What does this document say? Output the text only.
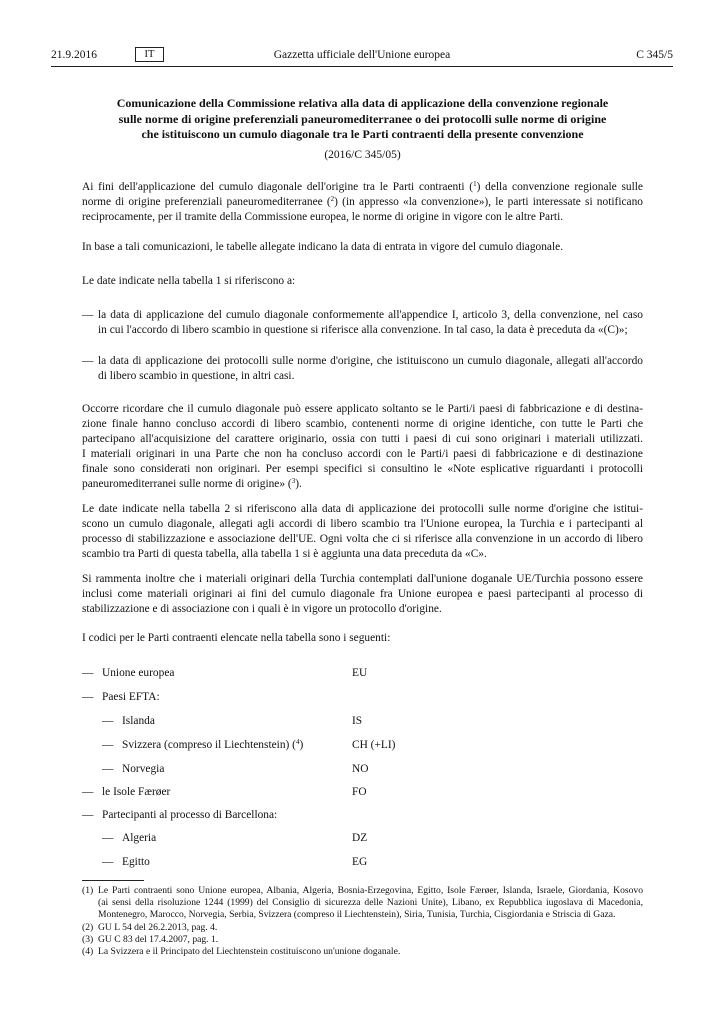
21.9.2016	IT	Gazzetta ufficiale dell'Unione europea	C 345/5
Comunicazione della Commissione relativa alla data di applicazione della convenzione regionale
sulle norme di origine preferenziali paneuromediterranee o dei protocolli sulle norme di origine
che istituiscono un cumulo diagonale tra le Parti contraenti della presente convenzione
(2016/C 345/05)
Ai fini dell'applicazione del cumulo diagonale dell'origine tra le Parti contraenti ($^1$) della convenzione regionale sulle
norme di origine preferenziali paneuromediterranee ($^2$) (in appresso «la convenzione»), le parti interessate si notificano
reciprocamente, per il tramite della Commissione europea, le norme di origine in vigore con le altre Parti.
In base a tali comunicazioni, le tabelle allegate indicano la data di entrata in vigore del cumulo diagonale.
Le date indicate nella tabella 1 si riferiscono a:
— la data di applicazione del cumulo diagonale conformemente all'appendice I, articolo 3, della convenzione, nel caso
in cui l'accordo di libero scambio in questione si riferisce alla convenzione. In tal caso, la data è preceduta da «(C)»;
— la data di applicazione dei protocolli sulle norme d'origine, che istituiscono un cumulo diagonale, allegati all'accordo
di libero scambio in questione, in altri casi.
Occorre ricordare che il cumulo diagonale può essere applicato soltanto se le Parti/i paesi di fabbricazione e di destina-
zione finale hanno concluso accordi di libero scambio, contenenti norme di origine identiche, con tutte le Parti che
partecipano all'acquisizione del carattere originario, ossia con tutti i paesi di cui sono originari i materiali utilizzati.
I materiali originari in una Parte che non ha concluso accordi con le Parti/i paesi di fabbricazione e di destinazione
finale sono considerati non originari. Per esempi specifici si consultino le «Note esplicative riguardanti i protocolli
paneuromediterranei sulle norme di origine» ($^3$).
Le date indicate nella tabella 2 si riferiscono alla data di applicazione dei protocolli sulle norme d'origine che istitui-
scono un cumulo diagonale, allegati agli accordi di libero scambio tra l'Unione europea, la Turchia e i partecipanti al
processo di stabilizzazione e associazione dell'UE. Ogni volta che ci si riferisce alla convenzione in un accordo di libero
scambio tra Parti di questa tabella, alla tabella 1 si è aggiunta una data preceduta da «C».
Si rammenta inoltre che i materiali originari della Turchia contemplati dall'unione doganale UE/Turchia possono essere
inclusi come materiali originari ai fini del cumulo diagonale fra Unione europea e paesi partecipanti al processo di
stabilizzazione e di associazione con i quali è in vigore un protocollo d'origine.
I codici per le Parti contraenti elencate nella tabella sono i seguenti:
— Unione europea	EU
— Paesi EFTA:
— Islanda	IS
— Svizzera (compreso il Liechtenstein) ($^4$)	CH (+LI)
— Norvegia	NO
— le Isole Færøer	FO
— Partecipanti al processo di Barcellona:
— Algeria	DZ
— Egitto	EG
(1) Le Parti contraenti sono Unione europea, Albania, Algeria, Bosnia-Erzegovina, Egitto, Isole Færøer, Islanda, Israele, Giordania, Kosovo
(ai sensi della risoluzione 1244 (1999) del Consiglio di sicurezza delle Nazioni Unite), Libano, ex Repubblica iugoslava di Macedonia,
Montenegro, Marocco, Norvegia, Serbia, Svizzera (compreso il Liechtenstein), Siria, Tunisia, Turchia, Cisgiordania e Striscia di Gaza.
(2) GU L 54 del 26.2.2013, pag. 4.
(3) GU C 83 del 17.4.2007, pag. 1.
(4) La Svizzera e il Principato del Liechtenstein costituiscono un'unione doganale.
